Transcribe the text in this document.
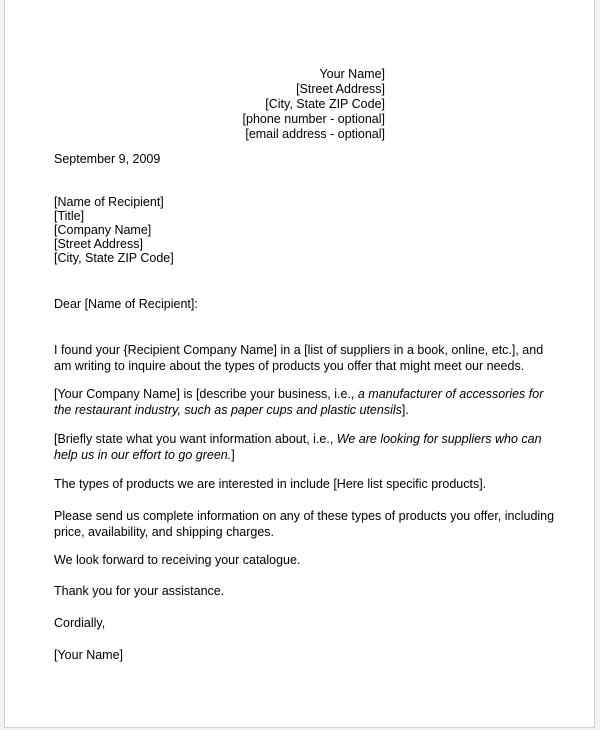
Your Name]
[Street Address]
[City, State ZIP Code]
[phone number - optional]
[email address - optional]
September 9, 2009
[Name of Recipient]
[Title]
[Company Name]
[Street Address]
[City, State ZIP Code]
Dear [Name of Recipient]:
I found your {Recipient Company Name] in a [list of suppliers in a book, online, etc.], and am writing to inquire about the types of products you offer that might meet our needs.
[Your Company Name] is [describe your business, i.e., a manufacturer of accessories for the restaurant industry, such as paper cups and plastic utensils].
[Briefly state what you want information about, i.e., We are looking for suppliers who can help us in our effort to go green.]
The types of products we are interested in include [Here list specific products].
Please send us complete information on any of these types of products you offer, including price, availability, and shipping charges.
We look forward to receiving your catalogue.
Thank you for your assistance.
Cordially,
[Your Name]
